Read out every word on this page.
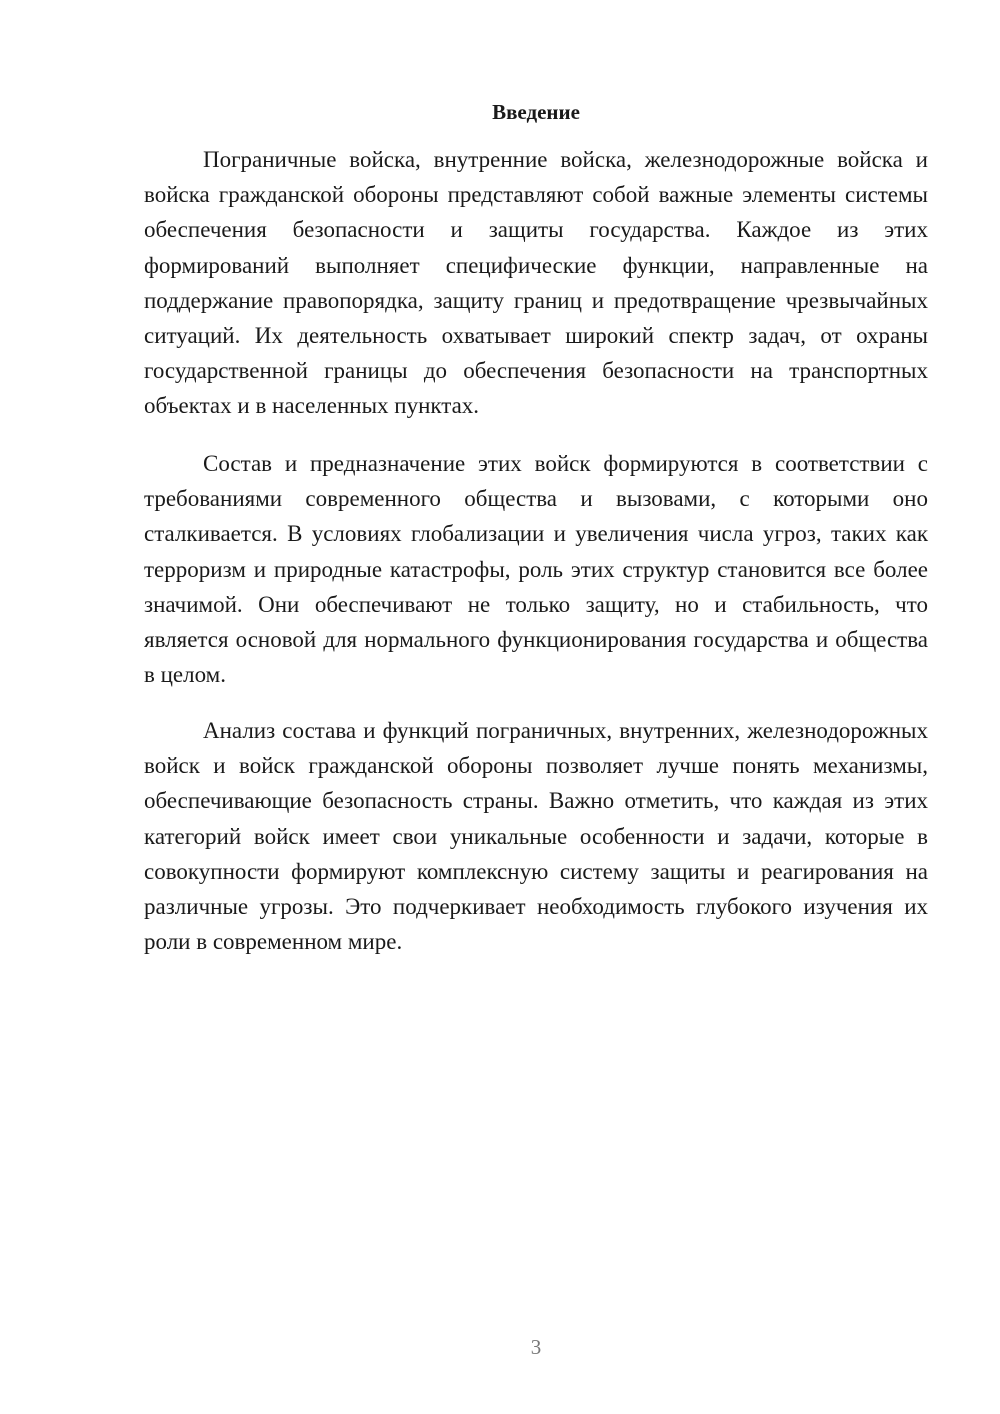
Введение

Пограничные войска, внутренние войска, железнодорожные войска и войска гражданской обороны представляют собой важные элементы системы обеспечения безопасности и защиты государства. Каждое из этих формирований выполняет специфические функции, направленные на поддержание правопорядка, защиту границ и предотвращение чрезвычайных ситуаций. Их деятельность охватывает широкий спектр задач, от охраны государственной границы до обеспечения безопасности на транспортных объектах и в населенных пунктах.

Состав и предназначение этих войск формируются в соответствии с требованиями современного общества и вызовами, с которыми оно сталкивается. В условиях глобализации и увеличения числа угроз, таких как терроризм и природные катастрофы, роль этих структур становится все более значимой. Они обеспечивают не только защиту, но и стабильность, что является основой для нормального функционирования государства и общества в целом.

Анализ состава и функций пограничных, внутренних, железнодорожных войск и войск гражданской обороны позволяет лучше понять механизмы, обеспечивающие безопасность страны. Важно отметить, что каждая из этих категорий войск имеет свои уникальные особенности и задачи, которые в совокупности формируют комплексную систему защиты и реагирования на различные угрозы. Это подчеркивает необходимость глубокого изучения их роли в современном мире.

3
